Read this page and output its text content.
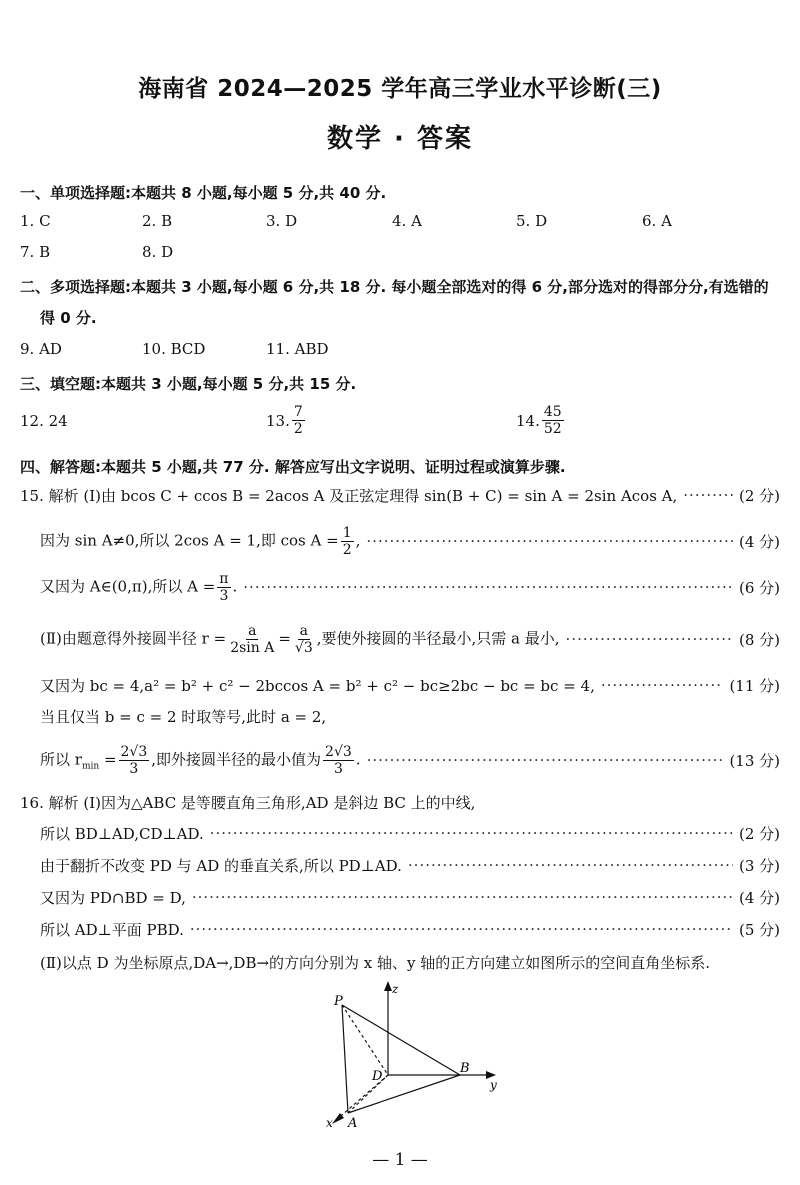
海南省 2024—2025 学年高三学业水平诊断(三)
数学 · 答案
一、单项选择题:本题共 8 小题,每小题 5 分,共 40 分.
1. C	2. B	3. D	4. A	5. D	6. A
7. B	8. D
二、多项选择题:本题共 3 小题,每小题 6 分,共 18 分. 每小题全部选对的得 6 分,部分选对的得部分分,有选错的
得 0 分.
9. AD	10. BCD	11. ABD
三、填空题:本题共 3 小题,每小题 5 分,共 15 分.
12. 24	13. $\frac{7}{2}$	14. $\frac{45}{52}$
四、解答题:本题共 5 小题,共 77 分. 解答应写出文字说明、证明过程或演算步骤.
15. 解析 (Ⅰ)由 bcos C + ccos B = 2acos A 及正弦定理得 sin(B + C) = sin A = 2sin Acos A, ·····	(2 分)
因为 sin A≠0,所以 2cos A = 1,即 $\cos A = \frac{1}{2}$ , ·····	(4 分)
又因为 A∈(0,π),所以 $A = \frac{\pi}{3}$ . ·····	(6 分)
(Ⅱ)由题意得外接圆半径 $r = \frac{a}{\text{2sin A}} = \frac{a}{√3}$ ,要使外接圆的半径最小,只需 a 最小, ·····	(8 分)
又因为 bc = 4,a² = b² + c² − 2bccos A = b² + c² − bc≥2bc − bc = bc = 4, ·····	(11 分)
当且仅当 b = c = 2 时取等号,此时 a = 2,
所以 $r_{min} = \frac{2√3}{3}$ ,即外接圆半径的最小值为 $\frac{2√3}{3}$ . ·····	(13 分)
16. 解析 (Ⅰ)因为△ABC 是等腰直角三角形,AD 是斜边 BC 上的中线,
所以 BD⊥AD,CD⊥AD. ·····	(2 分)
由于翻折不改变 PD 与 AD 的垂直关系,所以 PD⊥AD. ·····	(3 分)
又因为 PD∩BD = D, ·····	(4 分)
所以 AD⊥平面 PBD. ·····	(5 分)
(Ⅱ)以点 D 为坐标原点,DA→,DB→的方向分别为 x 轴、y 轴的正方向建立如图所示的空间直角坐标系.
P
z
D
B
y
x A
— 1 —
